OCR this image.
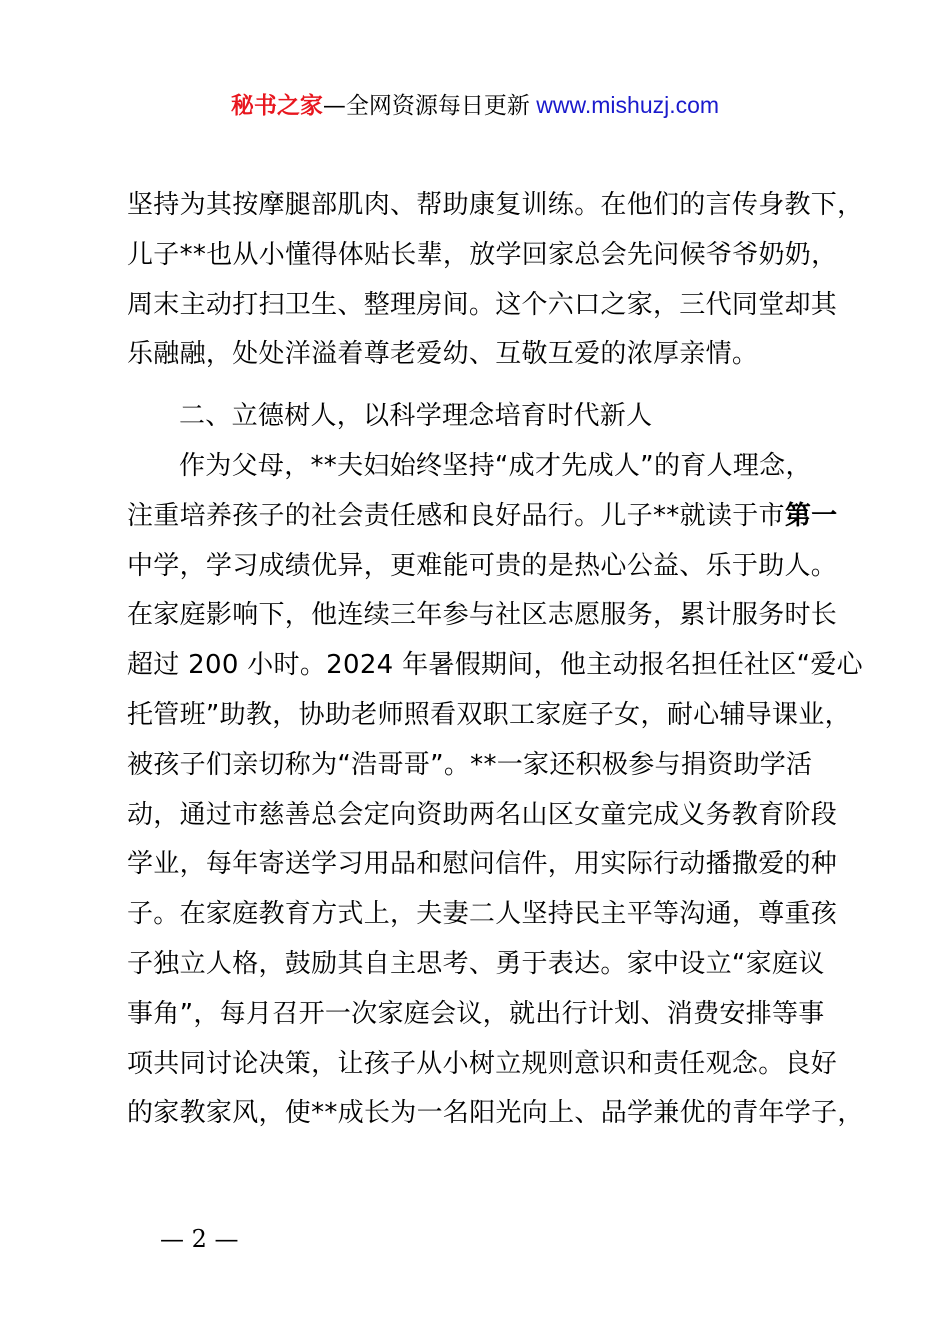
秘书之家—全网资源每日更新 www.mishuzj.com
坚持为其按摩腿部肌肉、帮助康复训练。在他们的言传身教下，
儿子**也从小懂得体贴长辈，放学回家总会先问候爷爷奶奶，
周末主动打扫卫生、整理房间。这个六口之家，三代同堂却其
乐融融，处处洋溢着尊老爱幼、互敬互爱的浓厚亲情。
二、立德树人，以科学理念培育时代新人
作为父母，**夫妇始终坚持“成才先成人”的育人理念，
注重培养孩子的社会责任感和良好品行。儿子**就读于市第一
中学，学习成绩优异，更难能可贵的是热心公益、乐于助人。
在家庭影响下，他连续三年参与社区志愿服务，累计服务时长
超过 200 小时。2024 年暑假期间，他主动报名担任社区“爱心
托管班”助教，协助老师照看双职工家庭子女，耐心辅导课业，
被孩子们亲切称为“浩哥哥”。**一家还积极参与捐资助学活
动，通过市慈善总会定向资助两名山区女童完成义务教育阶段
学业，每年寄送学习用品和慰问信件，用实际行动播撒爱的种
子。在家庭教育方式上，夫妻二人坚持民主平等沟通，尊重孩
子独立人格，鼓励其自主思考、勇于表达。家中设立“家庭议
事角”，每月召开一次家庭会议，就出行计划、消费安排等事
项共同讨论决策，让孩子从小树立规则意识和责任观念。良好
的家教家风，使**成长为一名阳光向上、品学兼优的青年学子，
— 2 —
